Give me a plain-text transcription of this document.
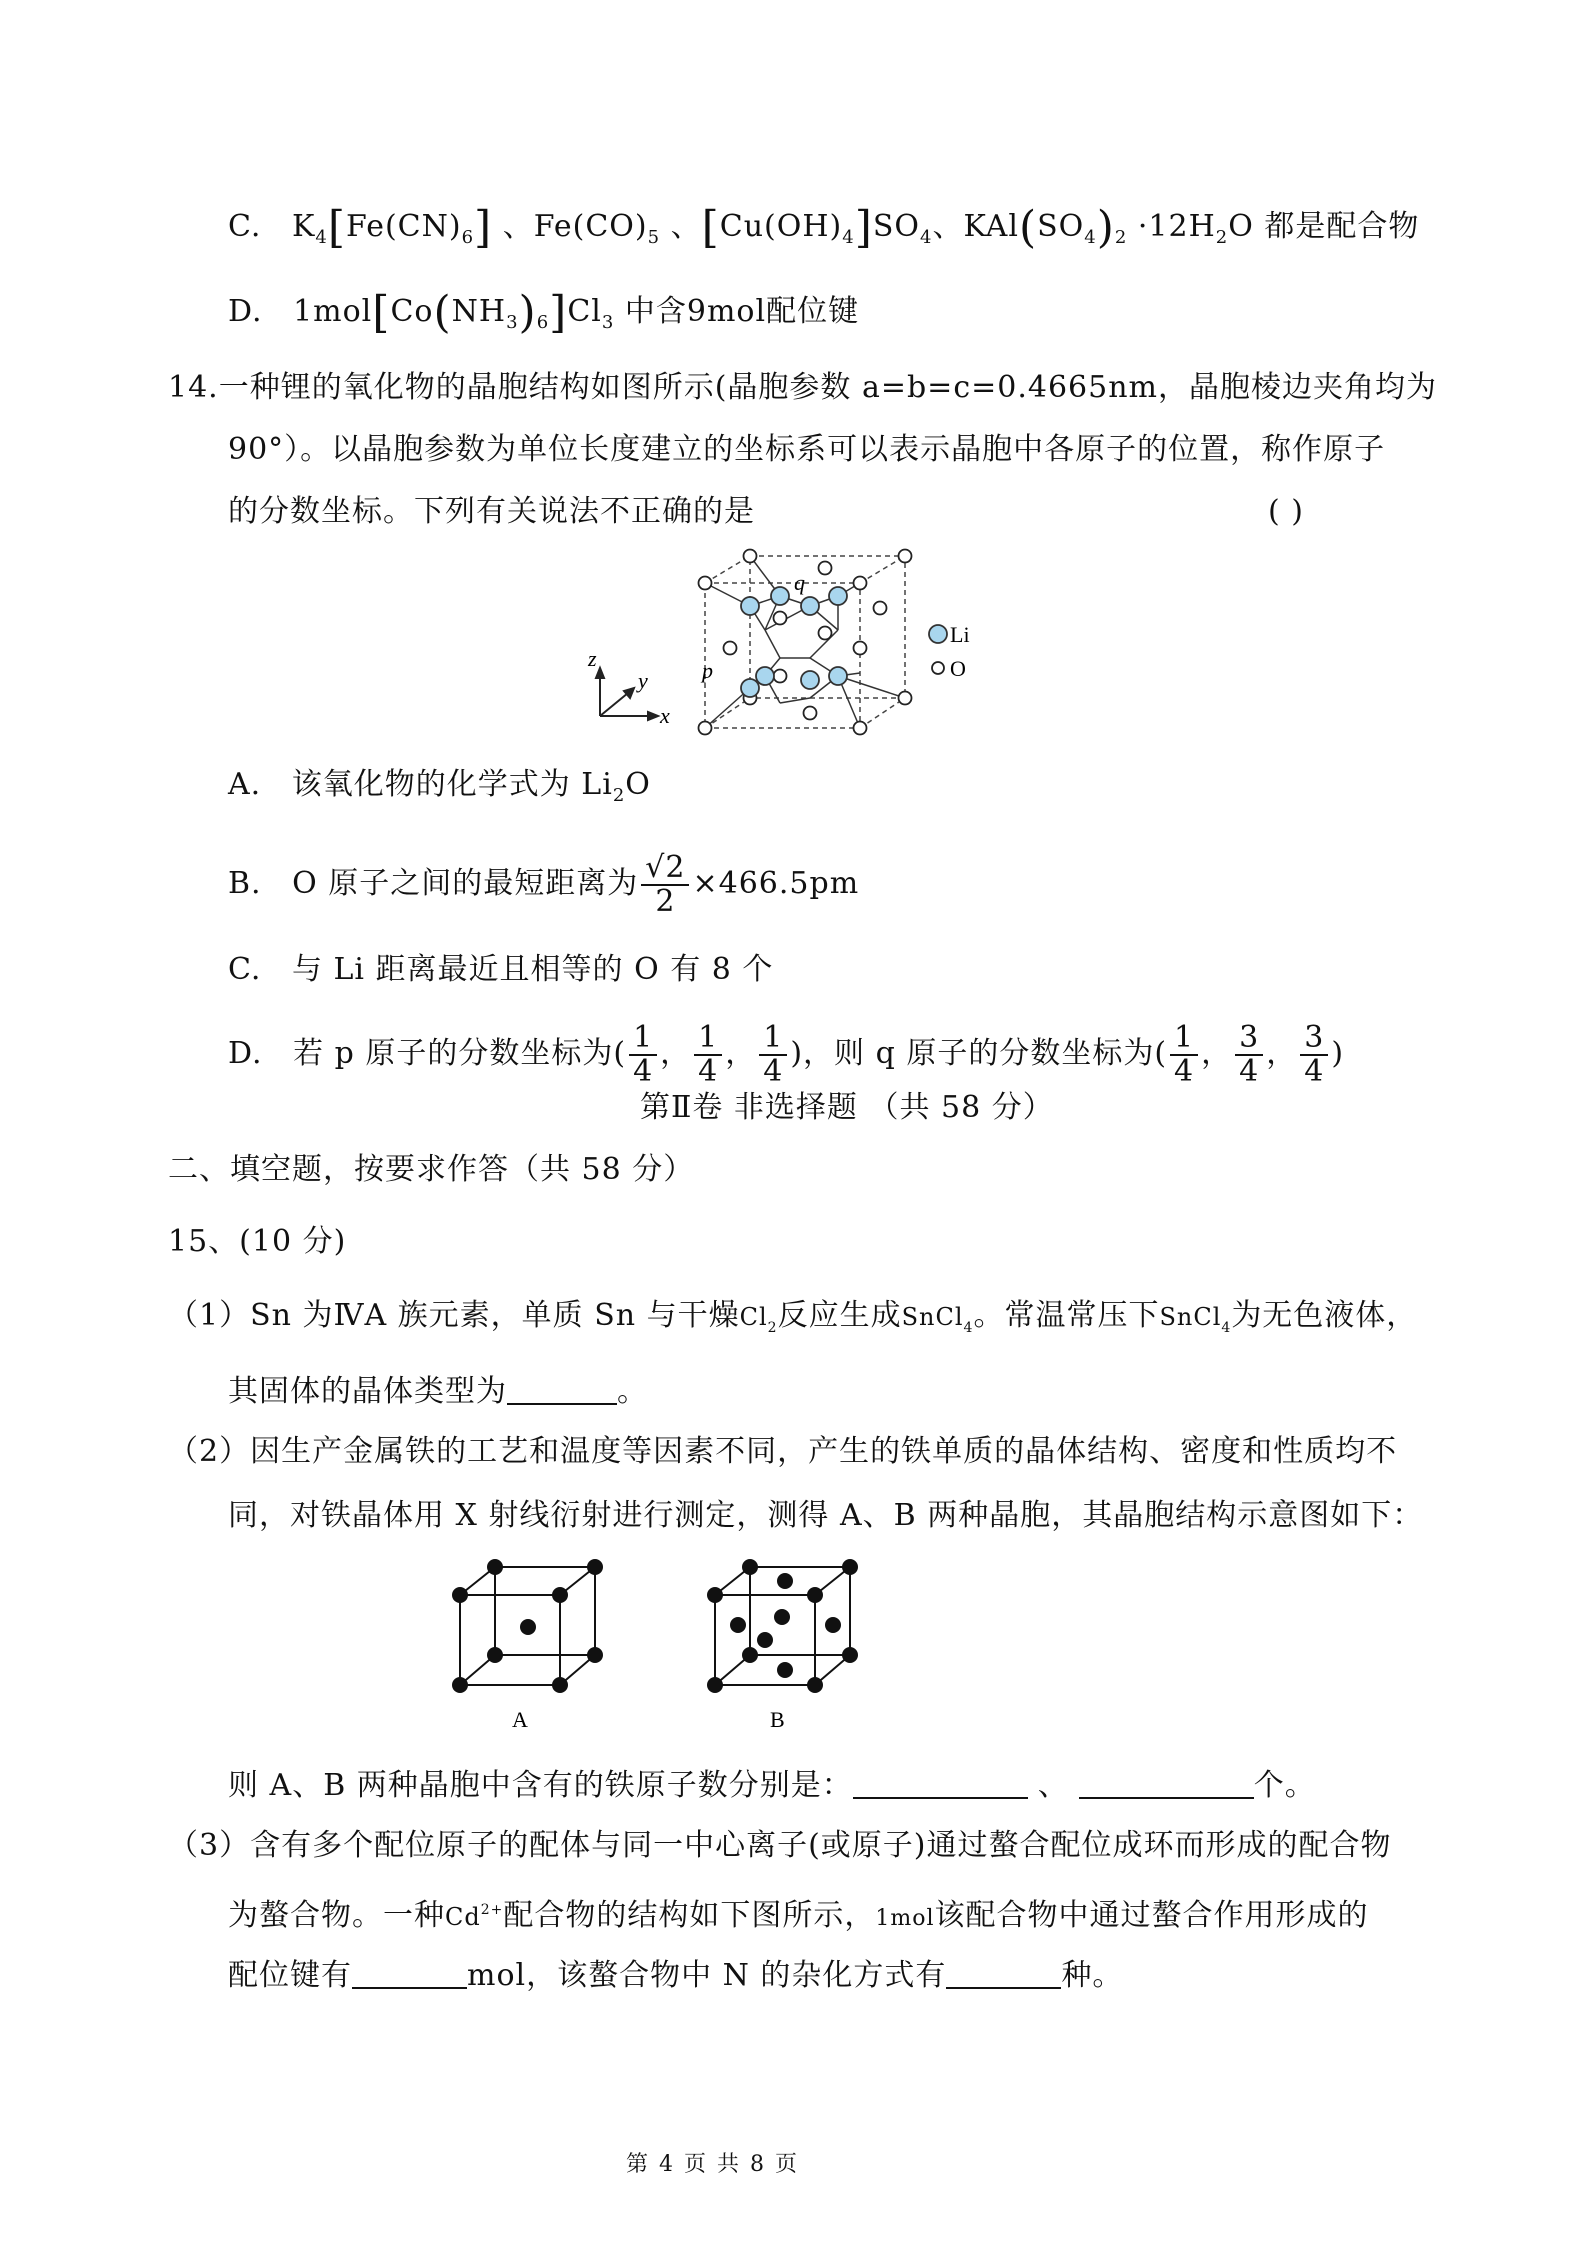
C. $K_4[Fe(CN)_6]$ 、$Fe(CO)_5$ 、$[Cu(OH)_4]SO_4$、$KAl(SO_4)_2 \cdot 12H_2O$ 都是配合物
D. $1mol[Co(NH_3)_6]Cl_3$ 中含9mol配位键
14.一种锂的氧化物的晶胞结构如图所示(晶胞参数 a=b=c=0.4665nm，晶胞棱边夹角均为
90°）。以晶胞参数为单位长度建立的坐标系可以表示晶胞中各原子的位置，称作原子
的分数坐标。下列有关说法不正确的是	( )
z
y
x
p
q
Li
O
A. 该氧化物的化学式为 $Li_2O$
B. O 原子之间的最短距离为 $\frac{√2}{2} \times 466.5pm$
C. 与 Li 距离最近且相等的 O 有 8 个
D. 若 p 原子的分数坐标为( $\frac{1}{4}$ ， $\frac{1}{4}$ ， $\frac{1}{4}$ )，则 q 原子的分数坐标为( $\frac{1}{4}$ ， $\frac{3}{4}$ ， $\frac{3}{4}$ )
第Ⅱ卷 非选择题 （共 58 分）
二、填空题，按要求作答（共 58 分）
15、(10 分)
（1）Sn 为ⅣA 族元素，单质 Sn 与干燥$Cl_2$反应生成SnCl$_4$。常温常压下SnCl$_4$为无色液体，
其固体的晶体类型为	。
（2）因生产金属铁的工艺和温度等因素不同，产生的铁单质的晶体结构、密度和性质均不
同，对铁晶体用 X 射线衍射进行测定，测得 A、B 两种晶胞，其晶胞结构示意图如下：
A	B
则 A、B 两种晶胞中含有的铁原子数分别是：	、	个。
（3）含有多个配位原子的配体与同一中心离子(或原子)通过螯合配位成环而形成的配合物
为螯合物。一种$Cd^{2+}$配合物的结构如下图所示，1mol该配合物中通过螯合作用形成的
配位键有	mol，该螯合物中 N 的杂化方式有	种。
第 4 页 共 8 页
